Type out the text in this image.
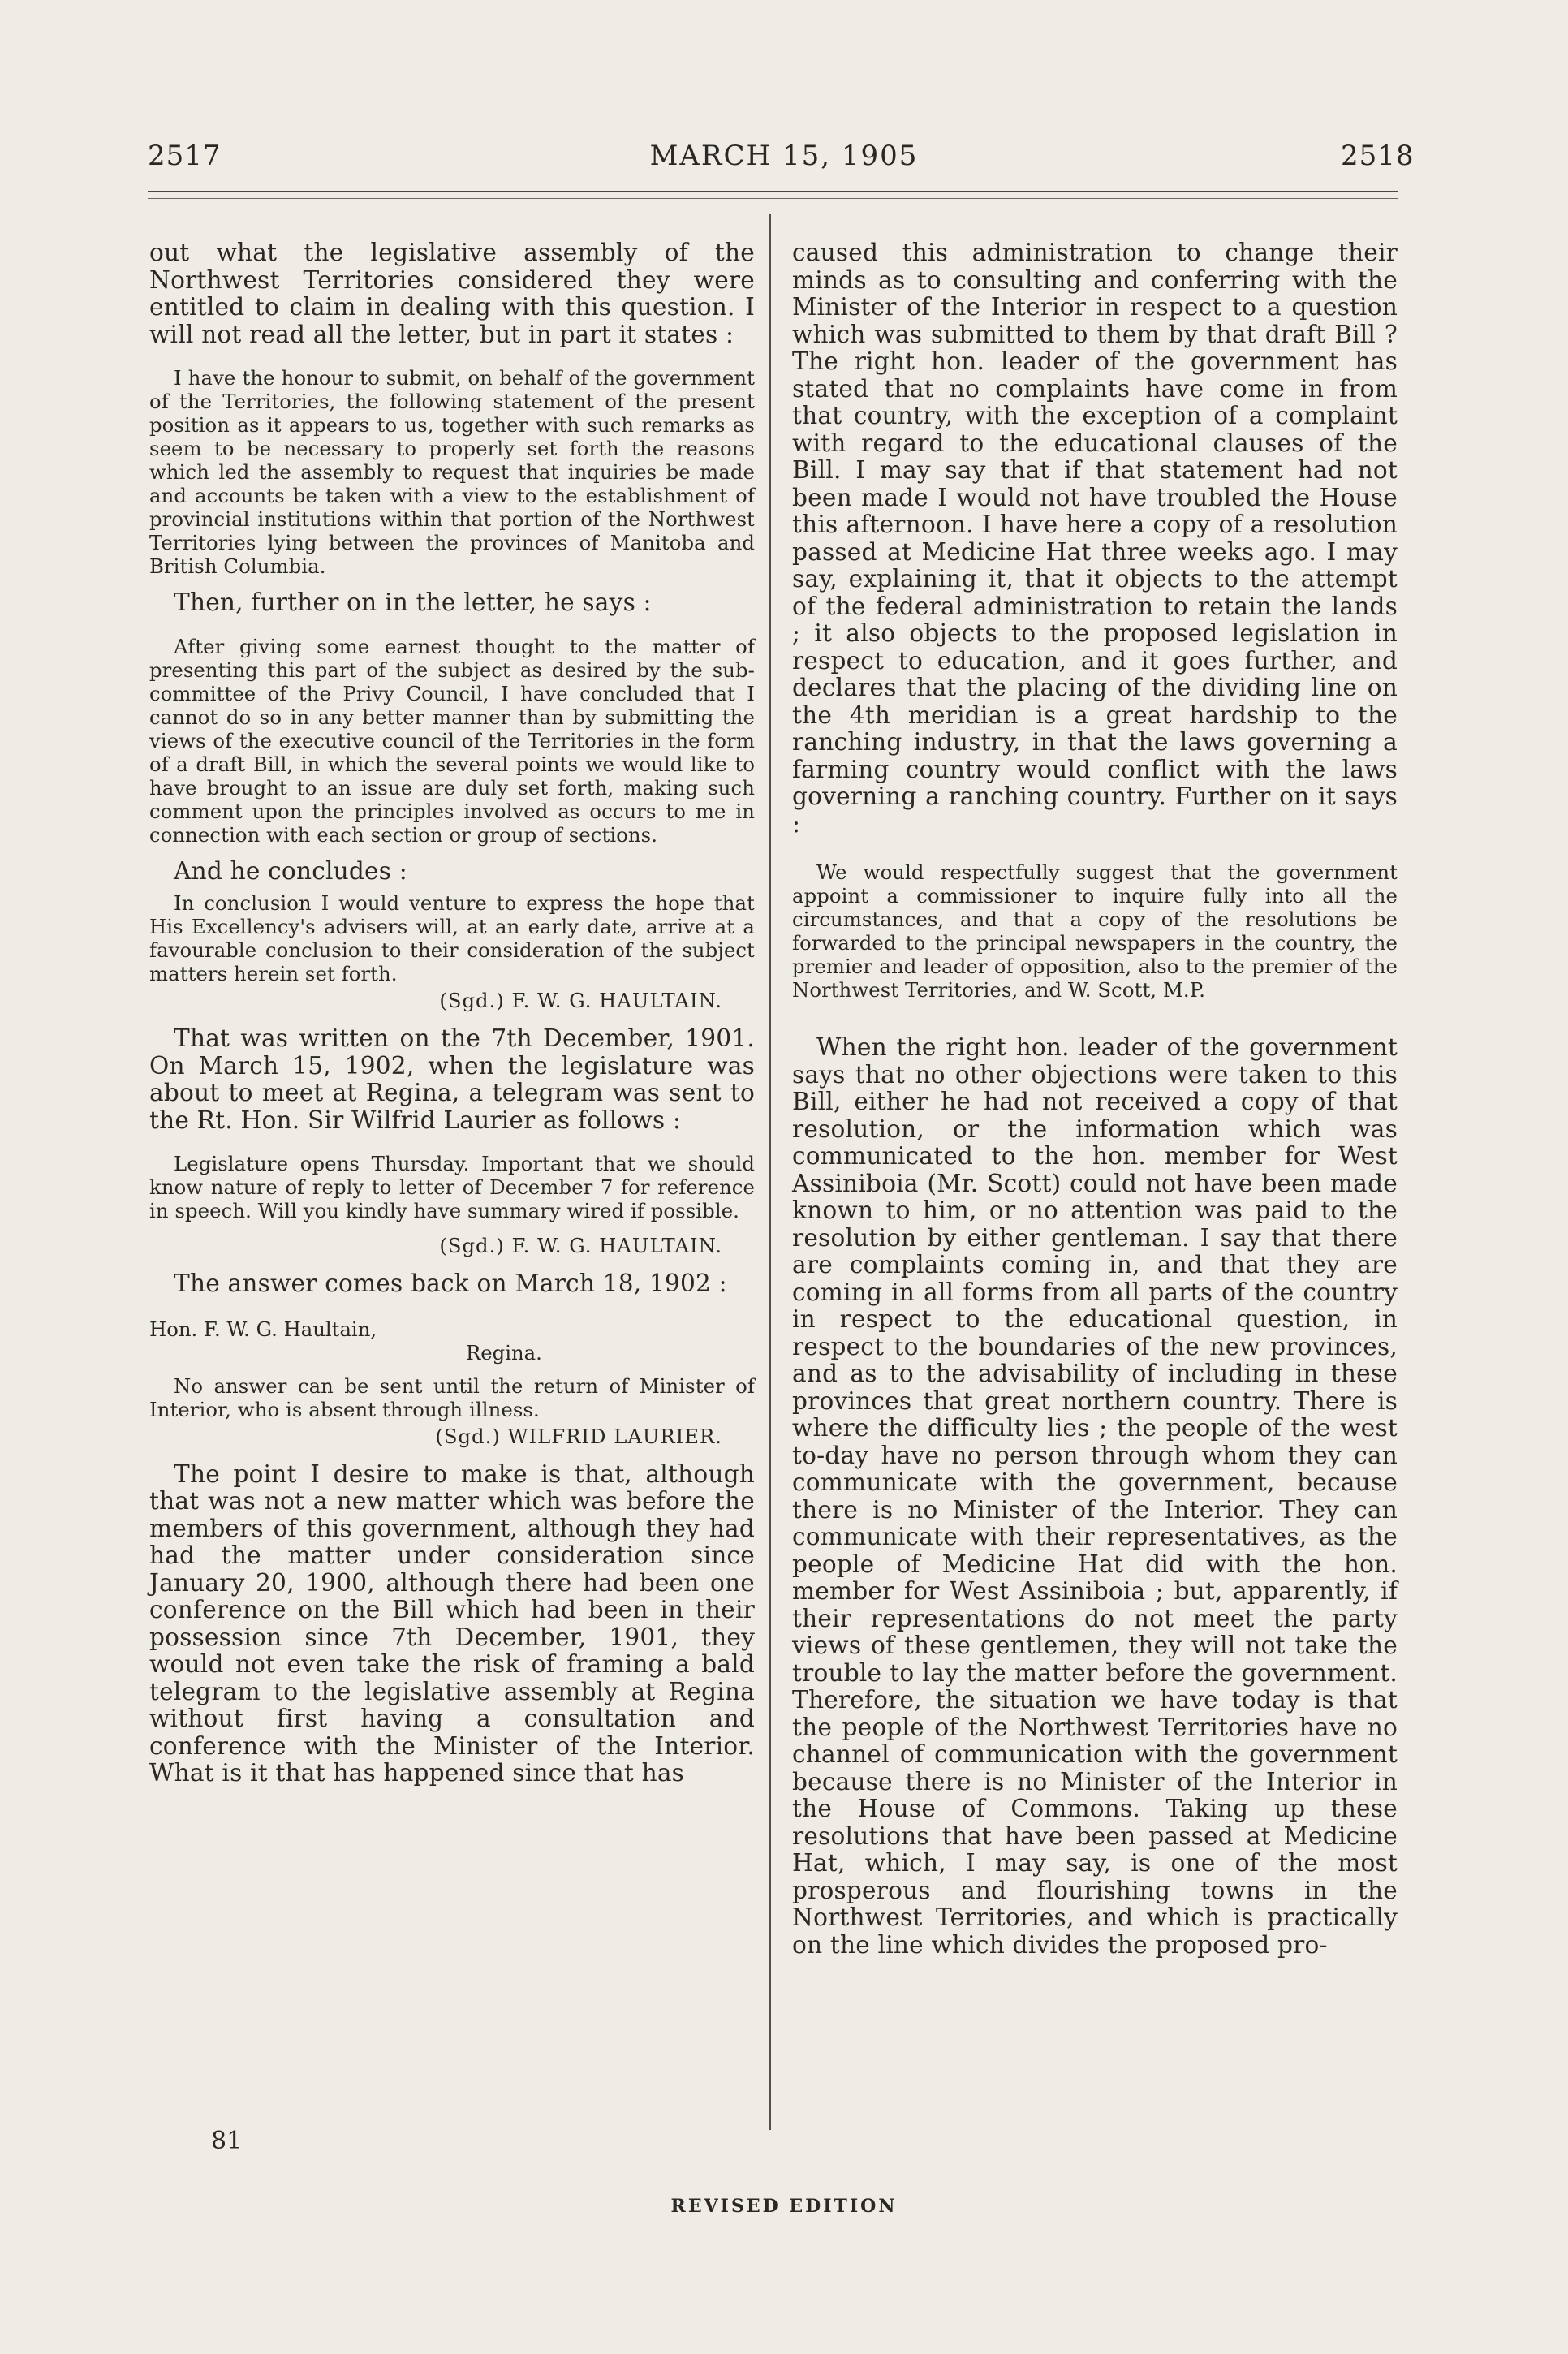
2517	MARCH 15, 1905	2518

out what the legislative assembly of the Northwest Territories considered they were entitled to claim in dealing with this question. I will not read all the letter, but in part it states :

I have the honour to submit, on behalf of the government of the Territories, the following statement of the present position as it appears to us, together with such remarks as seem to be necessary to properly set forth the reasons which led the assembly to request that inquiries be made and accounts be taken with a view to the establishment of provincial institutions within that portion of the Northwest Territories lying between the provinces of Manitoba and British Columbia.

Then, further on in the letter, he says :

After giving some earnest thought to the matter of presenting this part of the subject as desired by the sub-committee of the Privy Council, I have concluded that I cannot do so in any better manner than by submitting the views of the executive council of the Territories in the form of a draft Bill, in which the several points we would like to have brought to an issue are duly set forth, making such comment upon the principles involved as occurs to me in connection with each section or group of sections.

And he concludes :

In conclusion I would venture to express the hope that His Excellency's advisers will, at an early date, arrive at a favourable conclusion to their consideration of the subject matters herein set forth.

(Sgd.) F. W. G. HAULTAIN.

That was written on the 7th December, 1901. On March 15, 1902, when the legislature was about to meet at Regina, a telegram was sent to the Rt. Hon. Sir Wilfrid Laurier as follows :

Legislature opens Thursday. Important that we should know nature of reply to letter of December 7 for reference in speech. Will you kindly have summary wired if possible.

(Sgd.) F. W. G. HAULTAIN.

The answer comes back on March 18, 1902 :

Hon. F. W. G. Haultain,
Regina.

No answer can be sent until the return of Minister of Interior, who is absent through illness.

(Sgd.) WILFRID LAURIER.

The point I desire to make is that, although that was not a new matter which was before the members of this government, although they had had the matter under consideration since January 20, 1900, although there had been one conference on the Bill which had been in their possession since 7th December, 1901, they would not even take the risk of framing a bald telegram to the legislative assembly at Regina without first having a consultation and conference with the Minister of the Interior. What is it that has happened since that has

caused this administration to change their minds as to consulting and conferring with the Minister of the Interior in respect to a question which was submitted to them by that draft Bill ? The right hon. leader of the government has stated that no complaints have come in from that country, with the exception of a complaint with regard to the educational clauses of the Bill. I may say that if that statement had not been made I would not have troubled the House this afternoon. I have here a copy of a resolution passed at Medicine Hat three weeks ago. I may say, explaining it, that it objects to the attempt of the federal administration to retain the lands ; it also objects to the proposed legislation in respect to education, and it goes further, and declares that the placing of the dividing line on the 4th meridian is a great hardship to the ranching industry, in that the laws governing a farming country would conflict with the laws governing a ranching country. Further on it says :

We would respectfully suggest that the government appoint a commissioner to inquire fully into all the circumstances, and that a copy of the resolutions be forwarded to the principal newspapers in the country, the premier and leader of opposition, also to the premier of the Northwest Territories, and W. Scott, M.P.

When the right hon. leader of the government says that no other objections were taken to this Bill, either he had not received a copy of that resolution, or the information which was communicated to the hon. member for West Assiniboia (Mr. Scott) could not have been made known to him, or no attention was paid to the resolution by either gentleman. I say that there are complaints coming in, and that they are coming in all forms from all parts of the country in respect to the educational question, in respect to the boundaries of the new provinces, and as to the advisability of including in these provinces that great northern country. There is where the difficulty lies ; the people of the west to-day have no person through whom they can communicate with the government, because there is no Minister of the Interior. They can communicate with their representatives, as the people of Medicine Hat did with the hon. member for West Assiniboia ; but, apparently, if their representations do not meet the party views of these gentlemen, they will not take the trouble to lay the matter before the government. Therefore, the situation we have today is that the people of the Northwest Territories have no channel of communication with the government because there is no Minister of the Interior in the House of Commons. Taking up these resolutions that have been passed at Medicine Hat, which, I may say, is one of the most prosperous and flourishing towns in the Northwest Territories, and which is practically on the line which divides the proposed pro-

81
REVISED EDITION
